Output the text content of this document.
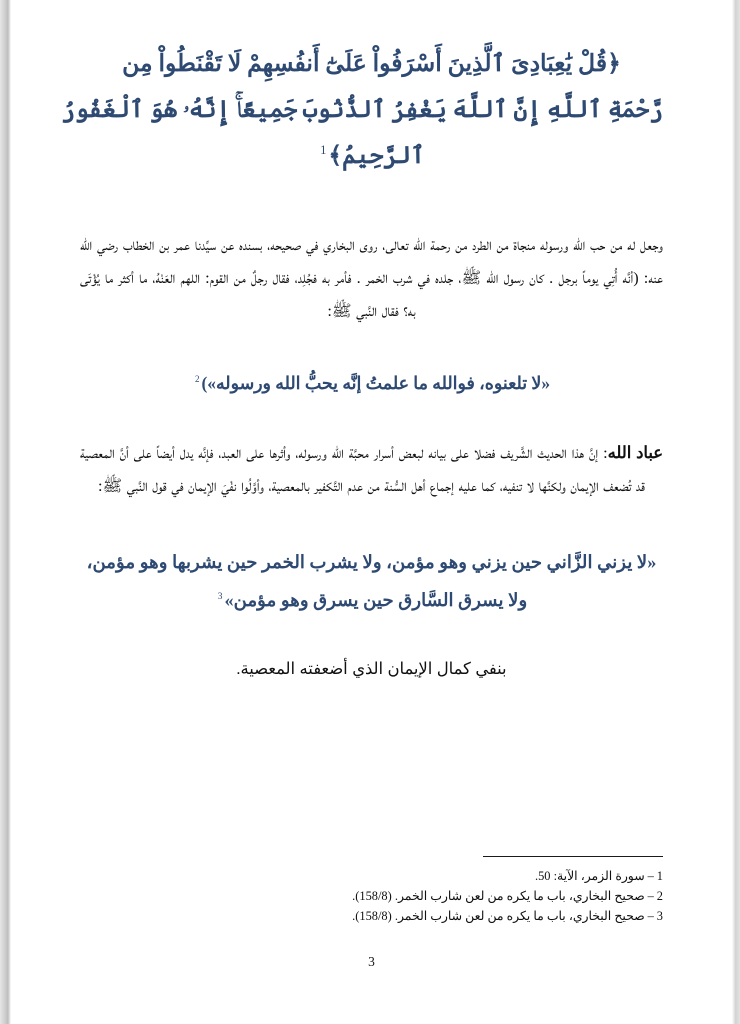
﴿قُلْ يَٰعِبَادِىَ ٱلَّذِينَ أَسْرَفُواْ عَلَىٰٓ أَنفُسِهِمْ لَا تَقْنَطُواْ مِن
رَّحْمَةِ ٱللَّهِ إِنَّ ٱللَّهَ يَغْفِرُ ٱلذُّنُوبَ جَمِيعًاۚ إِنَّهُۥ هُوَ ٱلْغَفُورُ
ٱلرَّحِيمُ﴾$^1$

وجعل له من حب الله ورسوله منجاة من الطرد من رحمة الله تعالى، روى البخاري في صحيحه، بسنده عن سيِّدنا عمر بن الخطاب رضي الله عنه: (أنَّه أُتِي يوماً برجل . كان رسول الله ﷺ، جلده في شرب الخمر . فأمر به فجُلِد، فقال رجلٌ من القوم: اللهم العَنْهُ، ما أكثر ما يُؤْتَى به؟ فقال النَّبي ﷺ:

«لا تلعنوه، فوالله ما علمتُ إنَّه يحبُّ الله ورسوله»)$^2$

عباد الله: إنَّ هذا الحديث الشَّريف فضلا على بيانه لبعض أسرار محبَّة الله ورسوله، وأثرها على العبد، فإنَّه يدل أيضاً على أنَّ المعصية قد تُضعف الإيمان ولكنَّها لا تنفيه، كما عليه إجماع أهل السُّنة من عدم التَّكفير بالمعصية، وأوَّلُوا نفْيَ الإيمان في قول النَّبي ﷺ:

«لا يزني الزَّاني حين يزني وهو مؤمن، ولا يشرب الخمر حين يشربها وهو مؤمن، ولا يسرق السَّارق حين يسرق وهو مؤمن»$^3$

بنفي كمال الإيمان الذي أضعفته المعصية.

1–سورة الزمر، الآية: 50.
2–صحيح البخاري، باب ما يكره من لعن شارب الخمر. (158/8).
3–صحيح البخاري، باب ما يكره من لعن شارب الخمر. (158/8).
3
